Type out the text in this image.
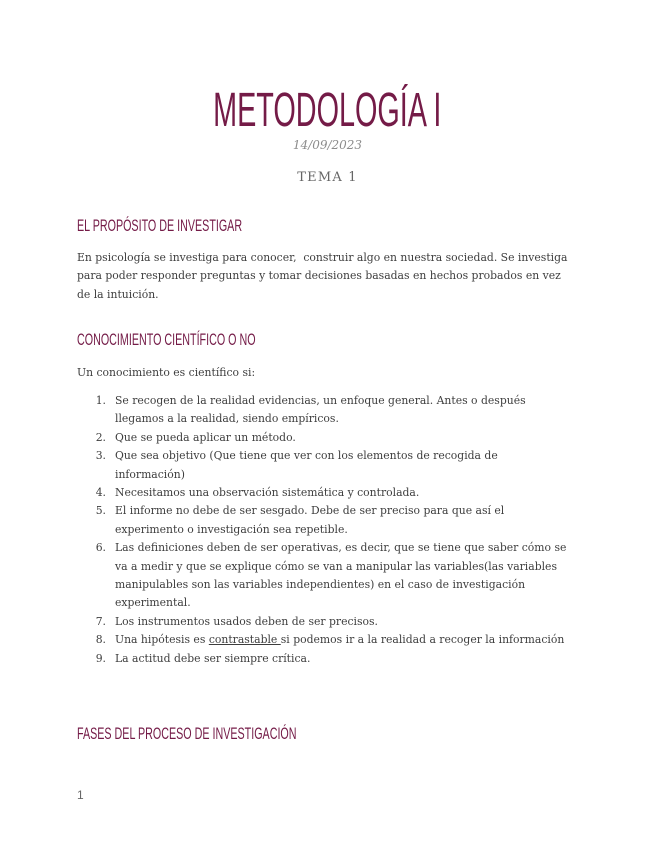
METODOLOGÍA I
14/09/2023
TEMA 1
EL PROPÓSITO DE INVESTIGAR
En psicología se investiga para conocer,  construir algo en nuestra sociedad. Se investiga
para poder responder preguntas y tomar decisiones basadas en hechos probados en vez
de la intuición.
CONOCIMIENTO CIENTÍFICO O NO
Un conocimiento es científico si:
1. Se recogen de la realidad evidencias, un enfoque general. Antes o después
llegamos a la realidad, siendo empíricos.
2. Que se pueda aplicar un método.
3. Que sea objetivo (Que tiene que ver con los elementos de recogida de
información)
4. Necesitamos una observación sistemática y controlada.
5. El informe no debe de ser sesgado. Debe de ser preciso para que así el
experimento o investigación sea repetible.
6. Las definiciones deben de ser operativas, es decir, que se tiene que saber cómo se
va a medir y que se explique cómo se van a manipular las variables(las variables
manipulables son las variables independientes) en el caso de investigación
experimental.
7. Los instrumentos usados deben de ser precisos.
8. Una hipótesis es contrastable si podemos ir a la realidad a recoger la información
9. La actitud debe ser siempre crítica.
FASES DEL PROCESO DE INVESTIGACIÓN
1
